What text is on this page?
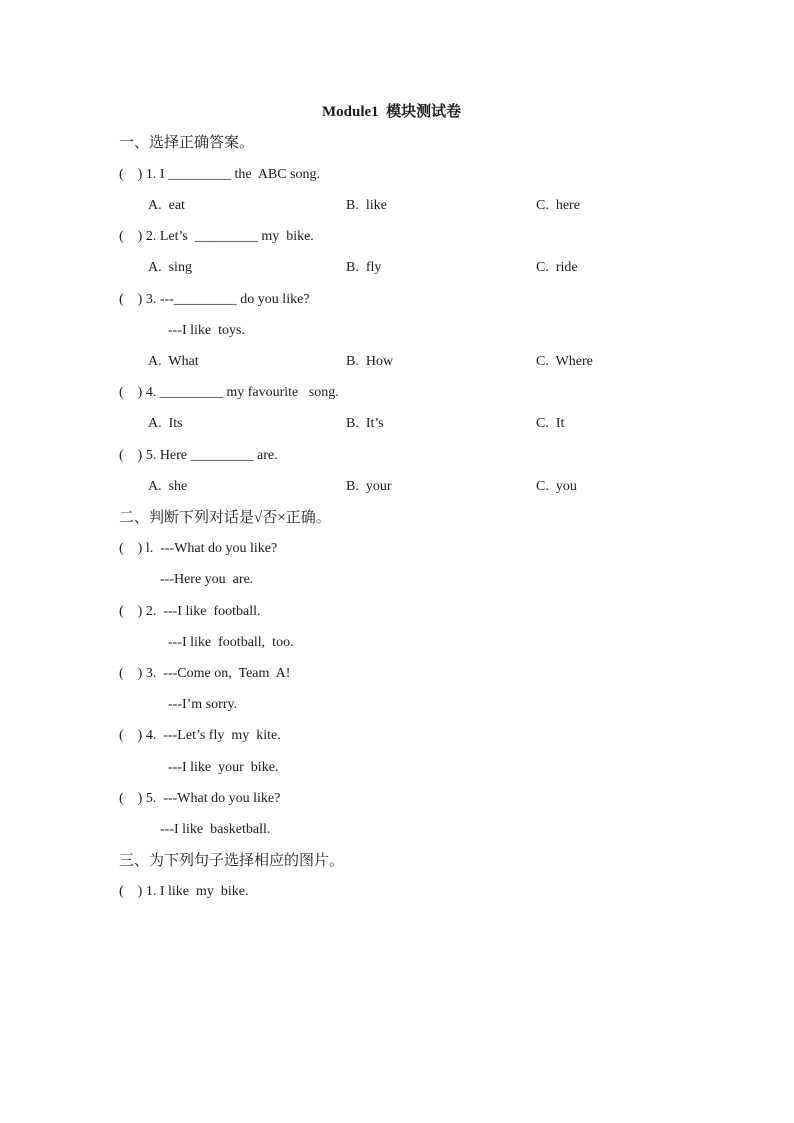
Module1  模块测试卷
一、选择正确答案。
(    ) 1. I _________ the  ABC song.
A.  eat	B.  like	C.  here
(    ) 2. Let’s  _________ my  bike.
A.  sing	B.  fly	C.  ride
(    ) 3. ---_________ do you like?
---I like  toys.
A.  What	B.  How	C.  Where
(    ) 4. _________ my favourite   song.
A.  Its	B.  It’s	C.  It
(    ) 5. Here _________ are.
A.  she	B.  your	C.  you
二、判断下列对话是√否×正确。
(    ) l.  ---What do you like?
---Here you  are.
(    ) 2.  ---I like  football.
---I like  football,  too.
(    ) 3.  ---Come on,  Team  A!
---I’m sorry.
(    ) 4.  ---Let’s fly  my  kite.
---I like  your  bike.
(    ) 5.  ---What do you like?
---I like  basketball.
三、为下列句子选择相应的图片。
(    ) 1. I like  my  bike.
